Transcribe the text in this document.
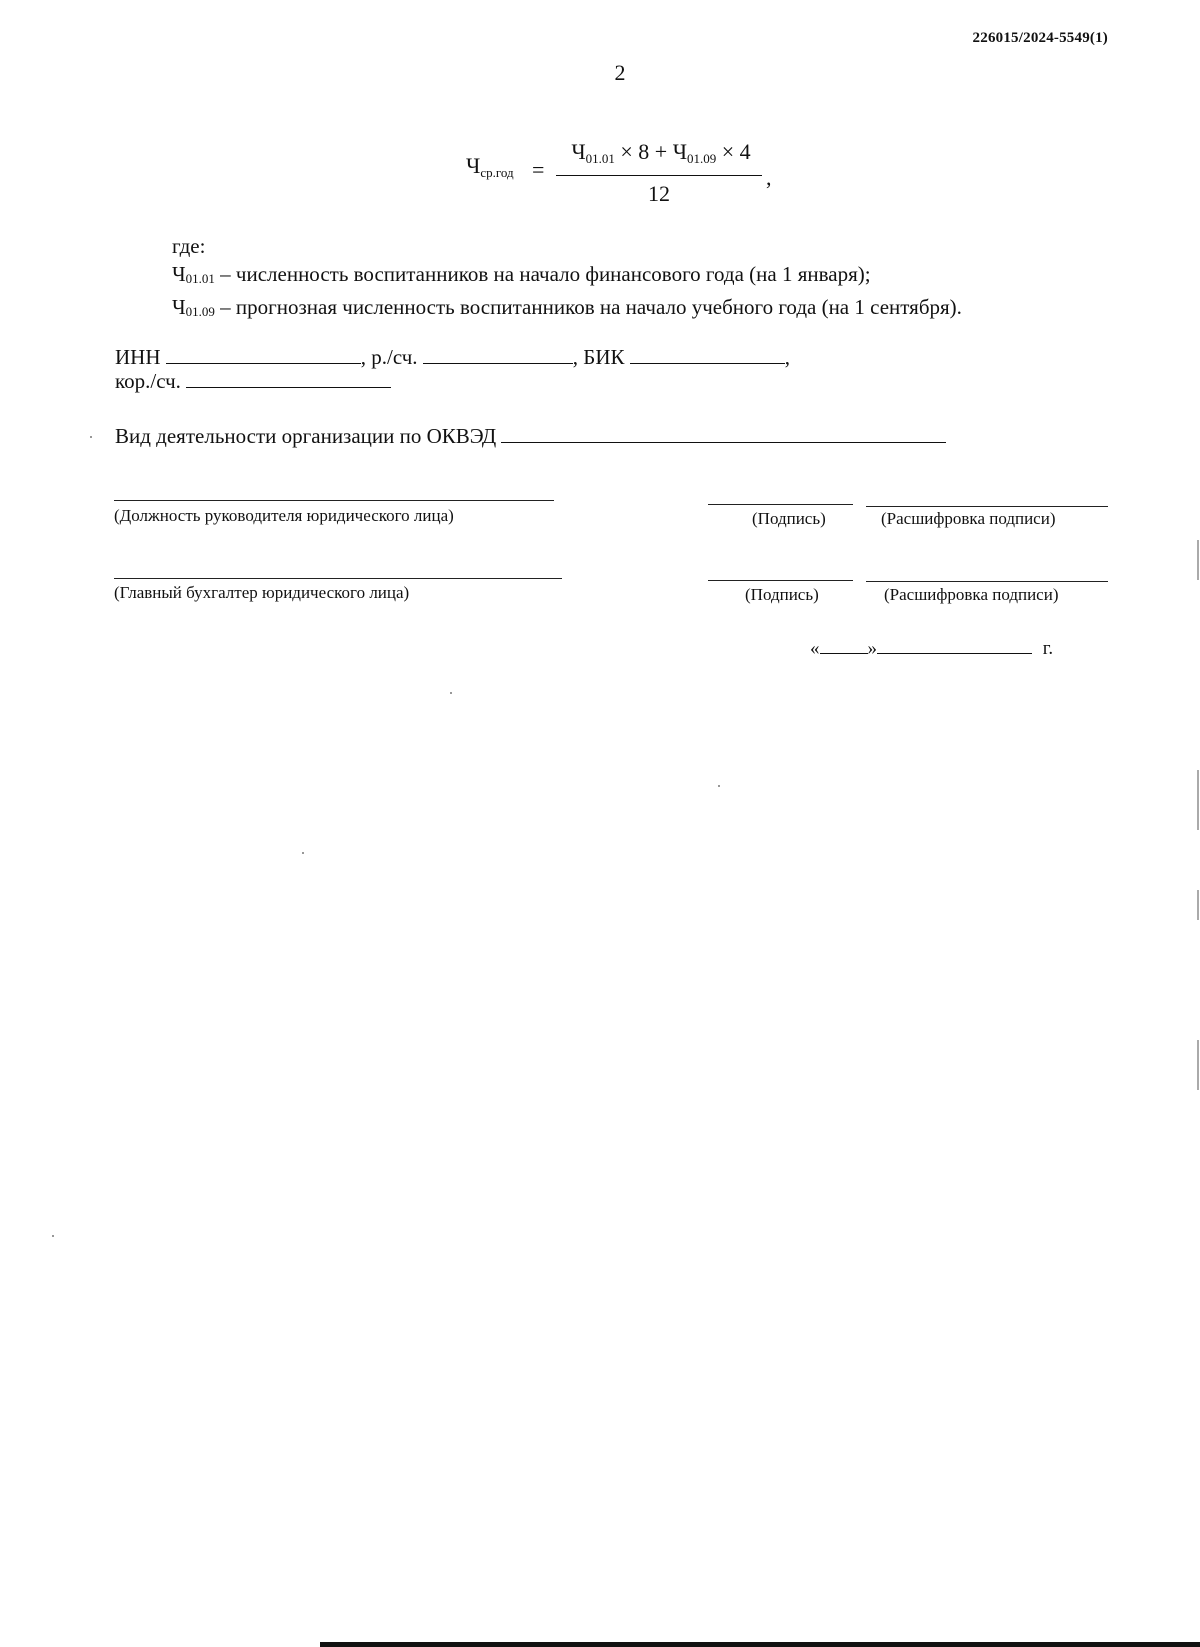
226015/2024-5549(1)
2
$Ч_{ср.год}$ =
$Ч_{01.01} \times 8 + Ч_{01.09} \times 4$
12
,
где:
$Ч_{01.01}$ – численность воспитанников на начало финансового года (на 1 января);
$Ч_{01.09}$ – прогнозная численность воспитанников на начало учебного года (на 1 сентября).
ИНН	, р./сч.	, БИК	,
кор./сч.
Вид деятельности организации по ОКВЭД
(Должность руководителя юридического лица)	(Подпись)	(Расшифровка подписи)
(Главный бухгалтер юридического лица)	(Подпись)	(Расшифровка подписи)
«	»	г.
